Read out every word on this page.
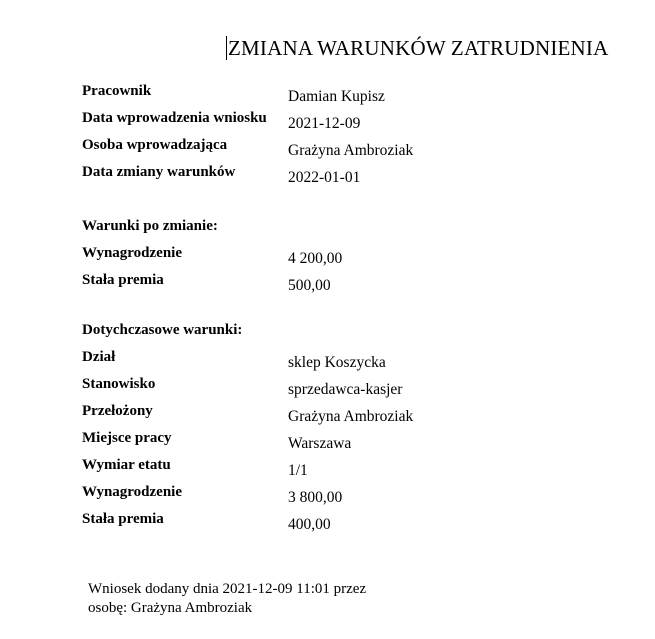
ZMIANA WARUNKÓW ZATRUDNIENIA
Pracownik	Damian Kupisz
Data wprowadzenia wniosku 2021-12-09
Osoba wprowadzająca	Grażyna Ambroziak
Data zmiany warunków	2022-01-01
Warunki po zmianie:
Wynagrodzenie	4 200,00
Stała premia	500,00
Dotychczasowe warunki:
Dział	sklep Koszycka
Stanowisko	sprzedawca-kasjer
Przełożony	Grażyna Ambroziak
Miejsce pracy	Warszawa
Wymiar etatu	1/1
Wynagrodzenie	3 800,00
Stała premia	400,00
Wniosek dodany dnia 2021-12-09 11:01 przez
osobę: Grażyna Ambroziak
